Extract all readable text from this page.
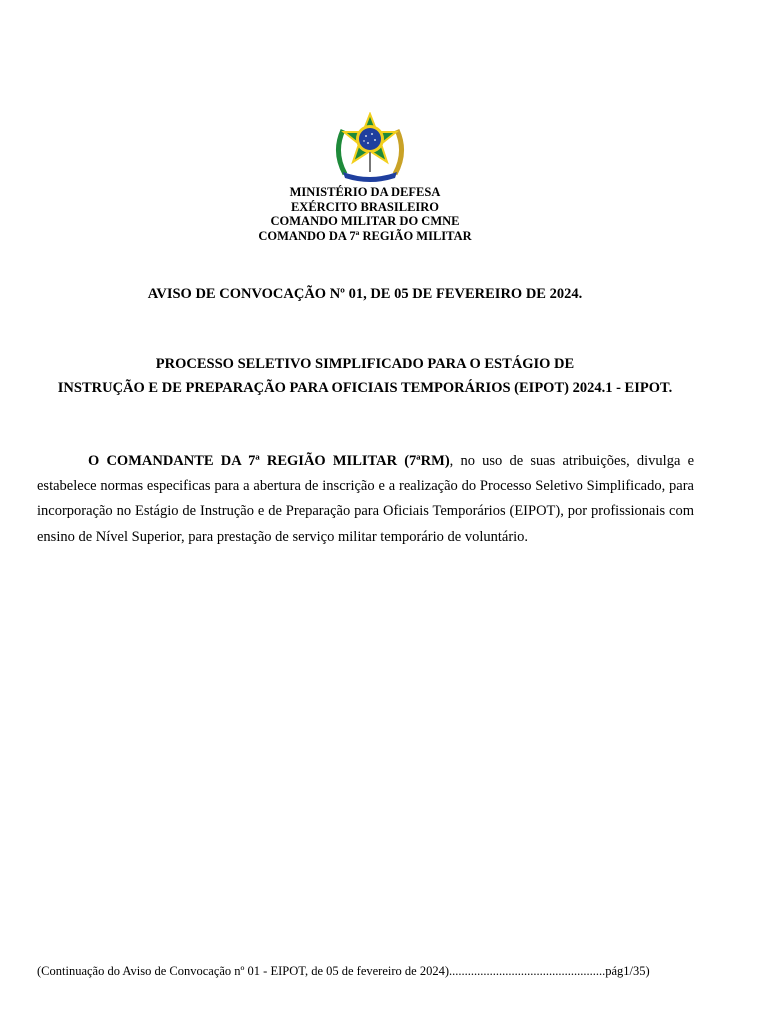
MINISTÉRIO DA DEFESA
EXÉRCITO BRASILEIRO
COMANDO MILITAR DO CMNE
COMANDO DA 7ª REGIÃO MILITAR
AVISO DE CONVOCAÇÃO Nº 01, DE 05 DE FEVEREIRO DE 2024.
PROCESSO SELETIVO SIMPLIFICADO PARA O ESTÁGIO DE
INSTRUÇÃO E DE PREPARAÇÃO PARA OFICIAIS TEMPORÁRIOS (EIPOT) 2024.1 - EIPOT.
O COMANDANTE DA 7ª REGIÃO MILITAR (7ªRM), no uso de suas atribuições, divulga e estabelece normas especificas para a abertura de inscrição e a realização do Processo Seletivo Simplificado, para incorporação no Estágio de Instrução e de Preparação para Oficiais Temporários (EIPOT), por profissionais com ensino de Nível Superior, para prestação de serviço militar temporário de voluntário.
(Continuação do Aviso de Convocação nº 01 - EIPOT, de 05 de fevereiro de 2024)..................................................pág1/35)
